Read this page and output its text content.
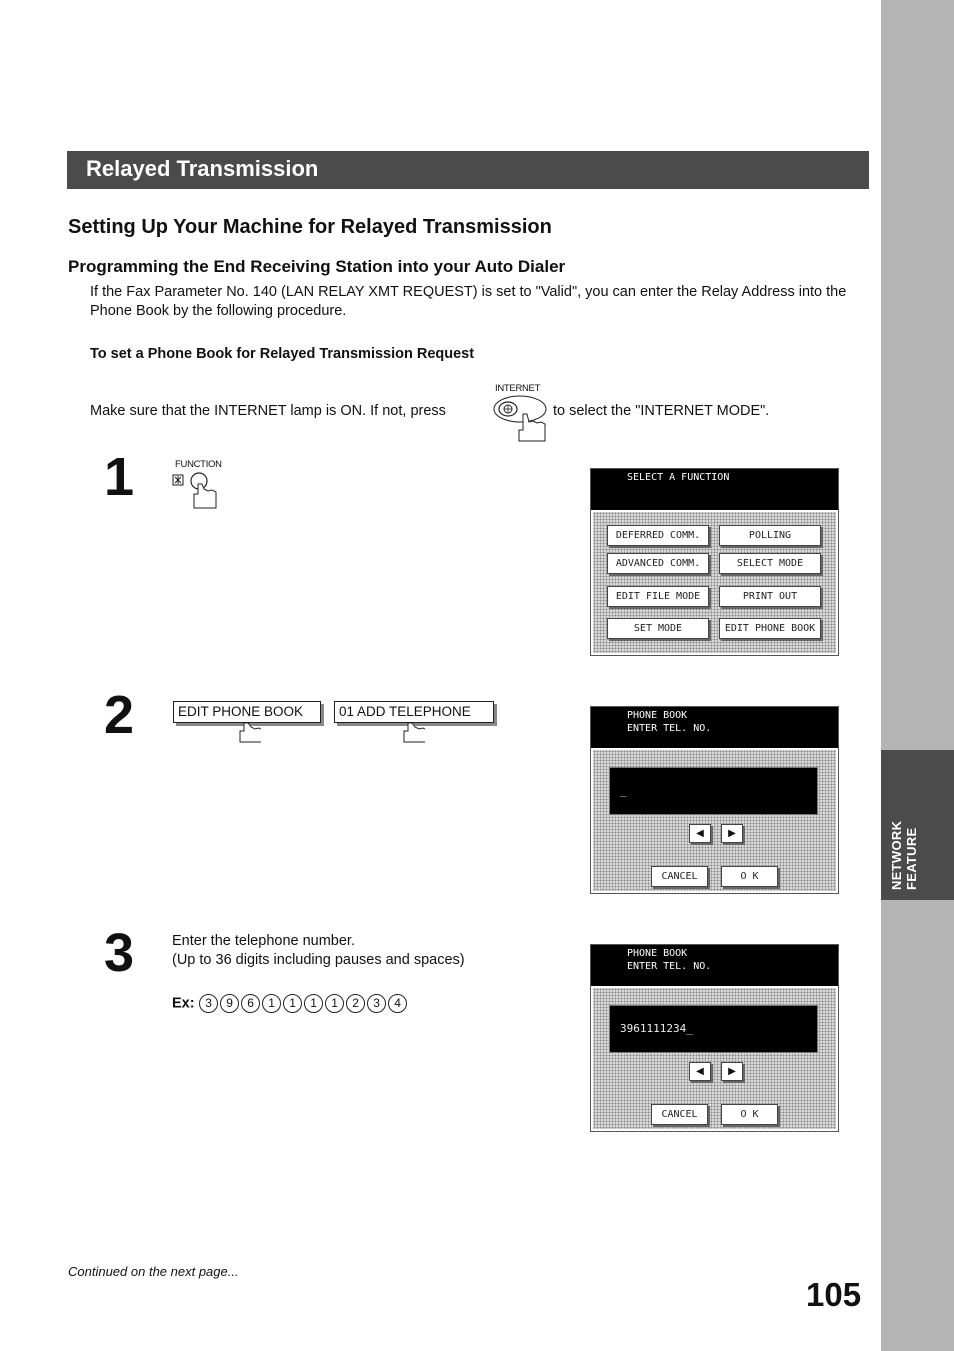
NETWORK FEATURE
Relayed Transmission
Setting Up Your Machine for Relayed Transmission
Programming the End Receiving Station into your Auto Dialer
If the Fax Parameter No. 140 (LAN RELAY XMT REQUEST) is set to "Valid", you can enter the Relay Address into the Phone Book by the following procedure.
To set a Phone Book for Relayed Transmission Request
Make sure that the INTERNET lamp is ON. If not, press
INTERNET
to select the "INTERNET MODE".
1	FUNCTION
SELECT A FUNCTION
DEFERRED COMM.	POLLING
ADVANCED COMM.	SELECT MODE
EDIT FILE MODE	PRINT OUT
SET MODE	EDIT PHONE BOOK
2	EDIT PHONE BOOK	01 ADD TELEPHONE	PHONE BOOK
ENTER TEL. NO.
_
◀	▶
CANCEL	O K
3	Enter the telephone number.
(Up to 36 digits including pauses and spaces)
Ex: 3 9 6 1 1 1 1 2 3 4
PHONE BOOK
ENTER TEL. NO.
3961111234_
◀	▶
CANCEL	O K
Continued on the next page...
105
